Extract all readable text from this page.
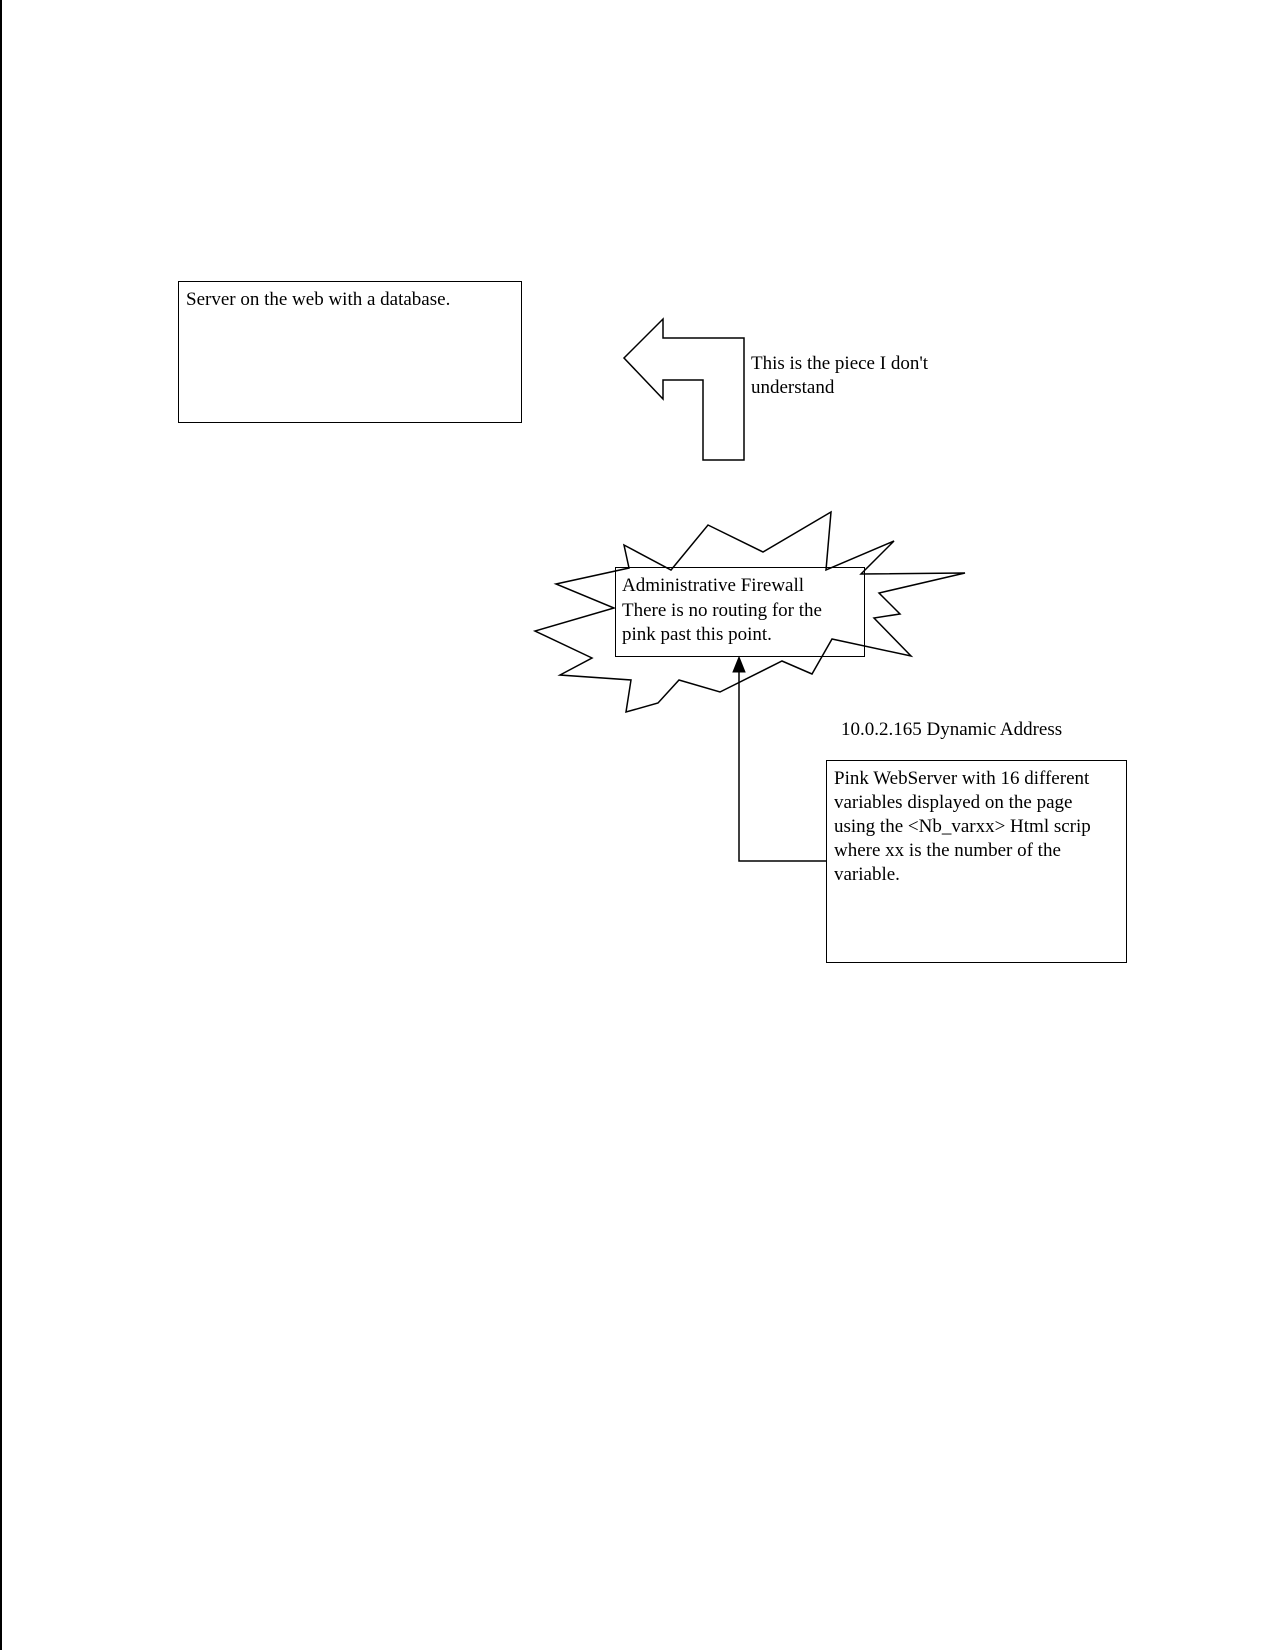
Server on the web with a database.
This is the piece I don't
understand
Administrative Firewall
There is no routing for the
pink past this point.
10.0.2.165 Dynamic Address
Pink WebServer with 16 different
variables displayed on the page
using the <Nb_varxx> Html scrip
where xx is the number of the
variable.
